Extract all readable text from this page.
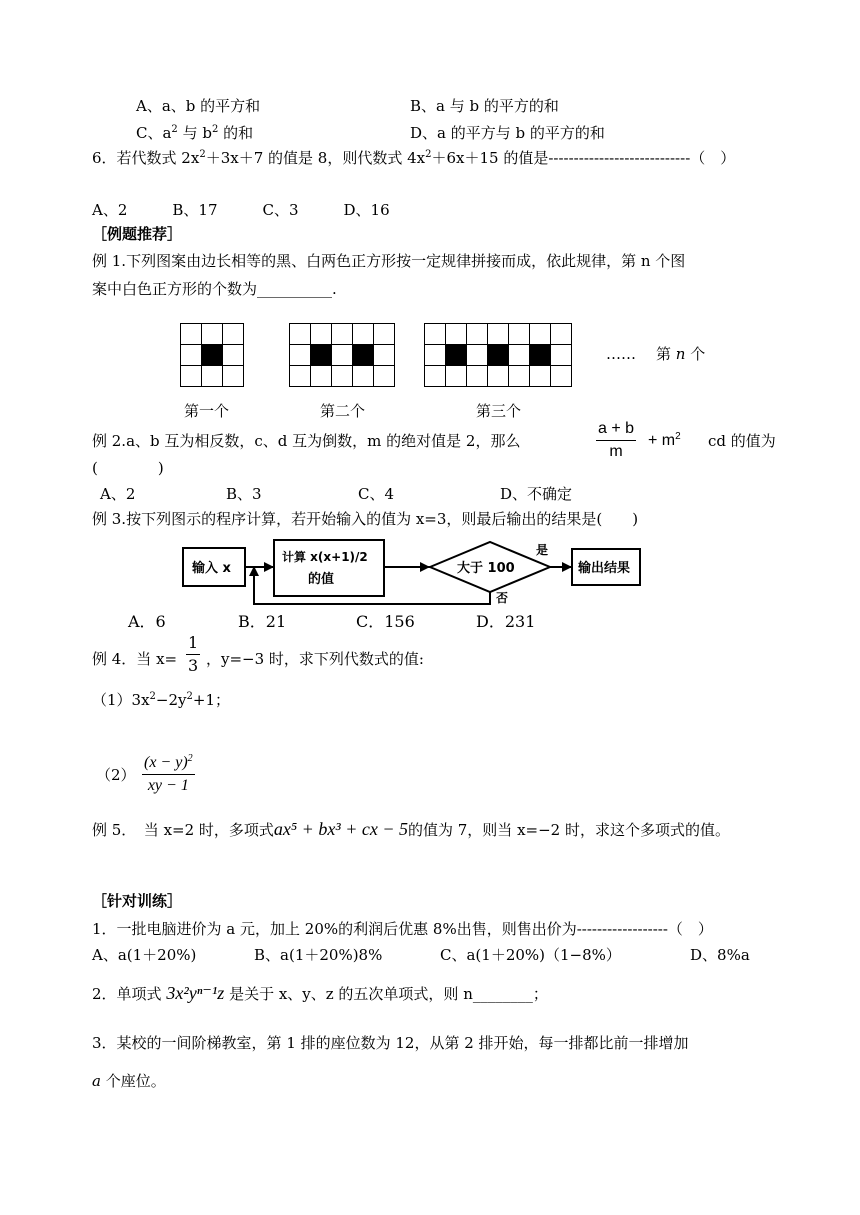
A、a、b 的平方和	B、a 与 b 的平方的和
C、$a^2$ 与 $b^2$ 的和	D、a 的平方与 b 的平方的和
6．若代数式 $2x^2+3x+7$ 的值是 8，则代数式 $4x^2+6x+15$ 的值是----------------------------（　）
A、2　　　B、17　　　C、3　　　D、16
［例题推荐］
例 1.下列图案由边长相等的黑、白两色正方形按一定规律拼接而成，依此规律，第 n 个图
案中白色正方形的个数为__________.

…… 第 n 个
第一个	第二个	第三个
例 2.a、b 互为相反数，c、d 互为倒数，m 的绝对值是 2，那么	$\frac{a + b}{m} + m^2$ cd 的值为
(　　　　)
A、2	B、3	C、4	D、不确定
例 3.按下列图示的程序计算，若开始输入的值为 x=3，则最后输出的结果是(　　)
输入 x
计算 x(x+1)/2
的值
大于 100
是
否
输出结果
A．6	B．21	C．156	D．231
例 4．当 $x= \frac{1}{3}$ ，y=−3 时，求下列代数式的值:
$(1)3x^2-2y^2+1$；
$(2) \frac{(x - y)^2}{xy - 1}$
例 5．　当 x=2 时，多项式ax⁵ + bx³ + cx − 5的值为 7，则当 x=−2 时，求这个多项式的值。
［针对训练］
1．一批电脑进价为 a 元，加上 20%的利润后优惠 8%出售，则售出价为------------------（　）
A、a(1＋20%)	B、a(1＋20%)8%	C、a(1＋20%)（1−8%）	D、8%a
2．单项式 3x²yⁿ⁻¹z 是关于 x、y、z 的五次单项式，则 n________；
3．某校的一间阶梯教室，第 1 排的座位数为 12，从第 2 排开始，每一排都比前一排增加
a 个座位。
